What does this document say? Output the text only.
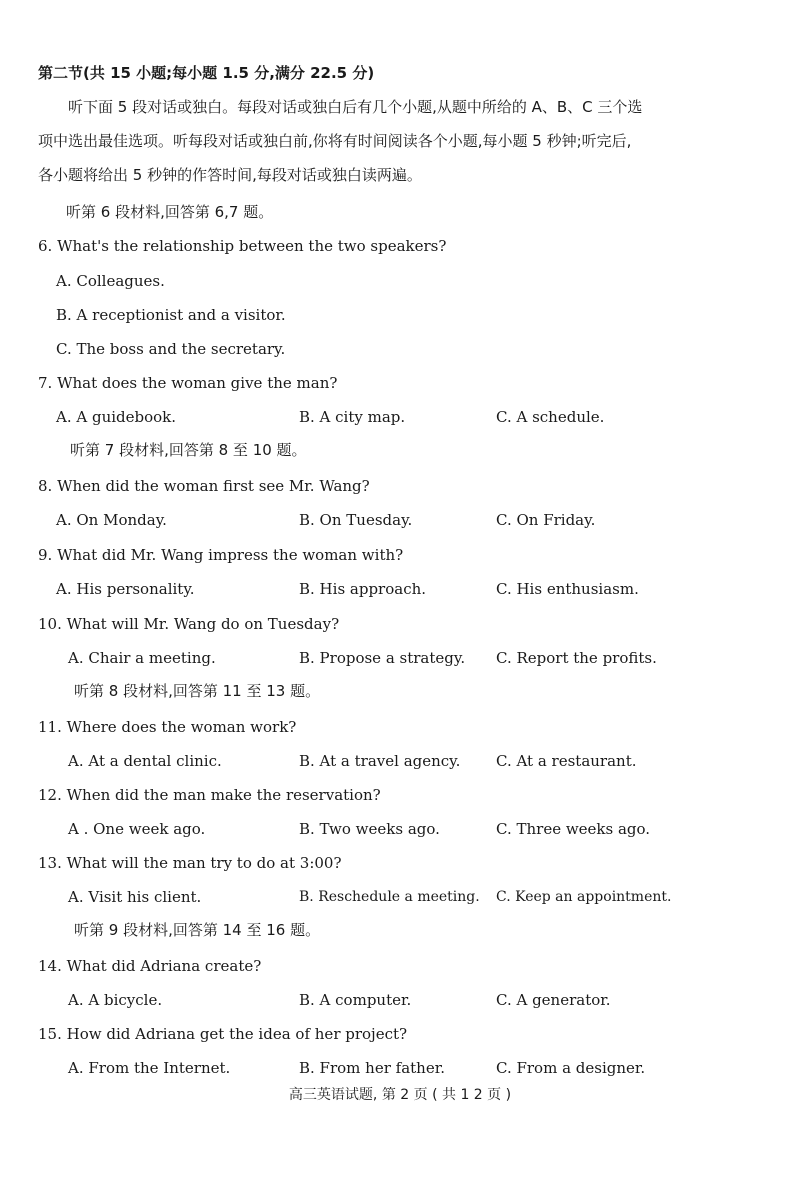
第二节(共 15 小题;每小题 1.5 分,满分 22.5 分)
听下面 5 段对话或独白。每段对话或独白后有几个小题,从题中所给的 A、B、C 三个选
项中选出最佳选项。听每段对话或独白前,你将有时间阅读各个小题,每小题 5 秒钟;听完后,
各小题将给出 5 秒钟的作答时间,每段对话或独白读两遍。
听第 6 段材料,回答第 6,7 题。
6. What's the relationship between the two speakers?
A. Colleagues.
B. A receptionist and a visitor.
C. The boss and the secretary.
7. What does the woman give the man?
A. A guidebook.	B. A city map.	C. A schedule.
听第 7 段材料,回答第 8 至 10 题。
8. When did the woman first see Mr. Wang?
A. On Monday.	B. On Tuesday.	C. On Friday.
9. What did Mr. Wang impress the woman with?
A. His personality.	B. His approach.	C. His enthusiasm.
10. What will Mr. Wang do on Tuesday?
A. Chair a meeting.	B. Propose a strategy. C. Report the profits.
听第 8 段材料,回答第 11 至 13 题。
11. Where does the woman work?
A. At a dental clinic.	B. At a travel agency. C. At a restaurant.
12. When did the man make the reservation?
A . One week ago.	B. Two weeks ago.	C. Three weeks ago.
13. What will the man try to do at 3:00?
A. Visit his client.	B. Reschedule a meeting. C. Keep an appointment.
听第 9 段材料,回答第 14 至 16 题。
14. What did Adriana create?
A. A bicycle.	B. A computer.	C. A generator.
15. How did Adriana get the idea of her project?
A. From the Internet.	B. From her father.	C. From a designer.
高三英语试题, 第 2 页 ( 共 1 2 页 )
